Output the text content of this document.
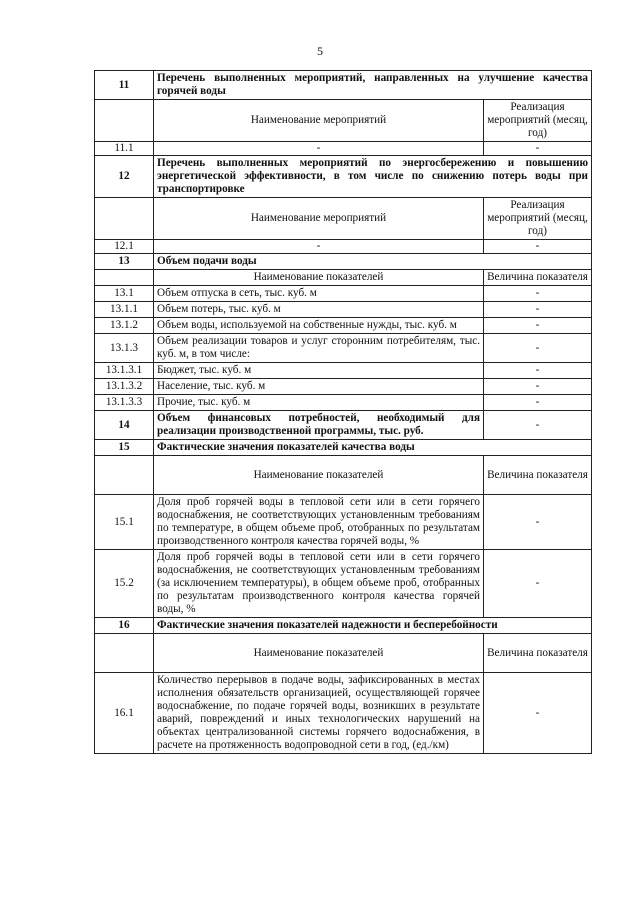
5
11	Перечень выполненных мероприятий, направленных на улучшение качества горячей воды	
	Наименование мероприятий	Реализация мероприятий (месяц, год)
11.1	-	-
12	Перечень выполненных мероприятий по энергосбережению и повышению энергетической эффективности, в том числе по снижению потерь воды при транспортировке	
	Наименование мероприятий	Реализация мероприятий (месяц, год)
12.1	-	-
13	Объем подачи воды	
	Наименование показателей	Величина показателя
13.1	Объем отпуска в сеть, тыс. куб. м	-
13.1.1	Объем потерь, тыс. куб. м	-
13.1.2	Объем воды, используемой на собственные нужды, тыс. куб. м	-
13.1.3	Объем реализации товаров и услуг сторонним потребителям, тыс. куб. м, в том числе:	-
13.1.3.1	Бюджет, тыс. куб. м	-
13.1.3.2	Население, тыс. куб. м	-
13.1.3.3	Прочие, тыс. куб. м	-
14	Объем финансовых потребностей, необходимый для реализации производственной программы, тыс. руб.	-
15	Фактические значения показателей качества воды	
	Наименование показателей	Величина показателя
15.1	Доля проб горячей воды в тепловой сети или в сети горячего водоснабжения, не соответствующих установленным требованиям по температуре, в общем объеме проб, отобранных по результатам производственного контроля качества горячей воды, %	-
15.2	Доля проб горячей воды в тепловой сети или в сети горячего водоснабжения, не соответствующих установленным требованиям (за исключением температуры), в общем объеме проб, отобранных по результатам производственного контроля качества горячей воды, %	-
16	Фактические значения показателей надежности и бесперебойности	
	Наименование показателей	Величина показателя
16.1	Количество перерывов в подаче воды, зафиксированных в местах исполнения обязательств организацией, осуществляющей горячее водоснабжение, по подаче горячей воды, возникших в результате аварий, повреждений и иных технологических нарушений на объектах централизованной системы горячего водоснабжения, в расчете на протяженность водопроводной сети в год, (ед./км)	-
